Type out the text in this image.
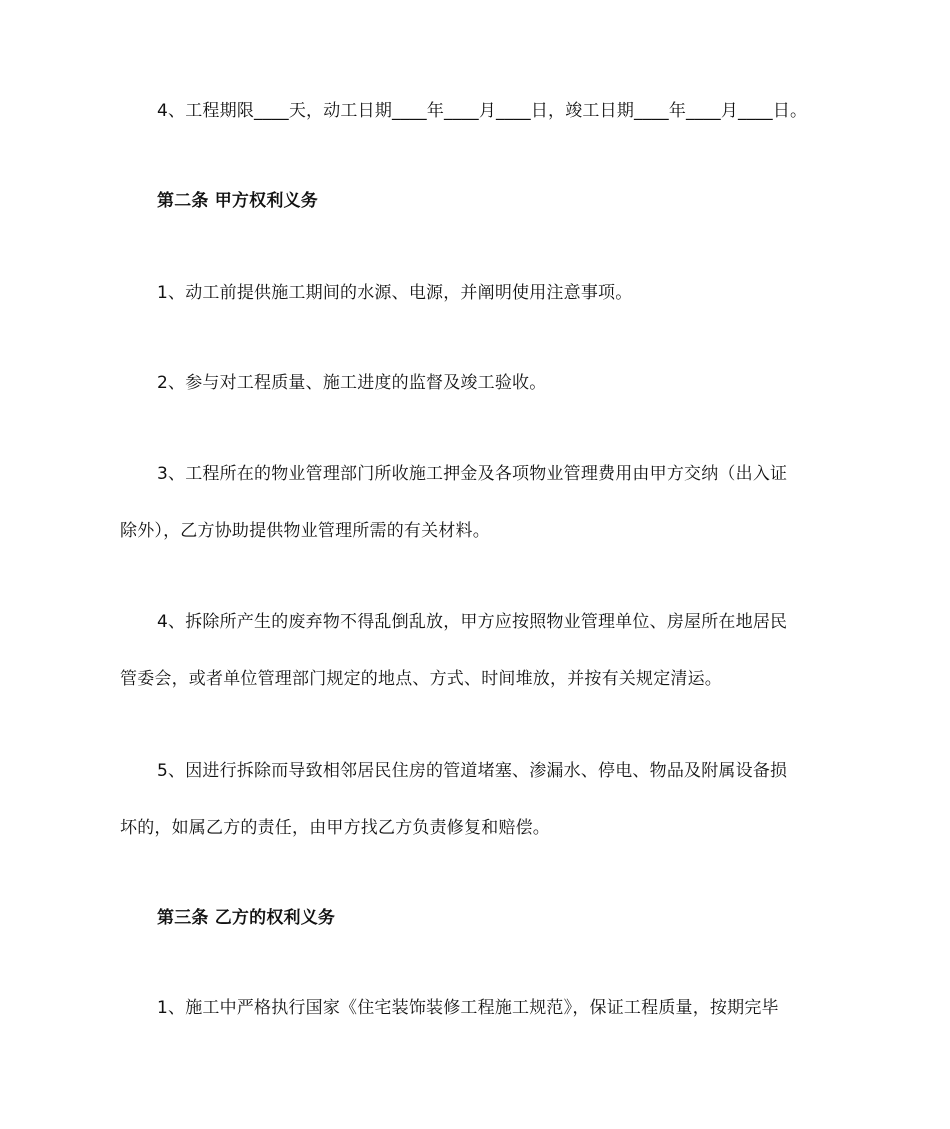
4、工程期限____天，动工日期____年____月____日，竣工日期____年____月____日。
第二条 甲方权利义务
1、动工前提供施工期间的水源、电源，并阐明使用注意事项。
2、参与对工程质量、施工进度的监督及竣工验收。
3、工程所在的物业管理部门所收施工押金及各项物业管理费用由甲方交纳（出入证
除外），乙方协助提供物业管理所需的有关材料。
4、拆除所产生的废弃物不得乱倒乱放，甲方应按照物业管理单位、房屋所在地居民
管委会，或者单位管理部门规定的地点、方式、时间堆放，并按有关规定清运。
5、因进行拆除而导致相邻居民住房的管道堵塞、渗漏水、停电、物品及附属设备损
坏的，如属乙方的责任，由甲方找乙方负责修复和赔偿。
第三条 乙方的权利义务
1、施工中严格执行国家《住宅装饰装修工程施工规范》，保证工程质量，按期完毕
